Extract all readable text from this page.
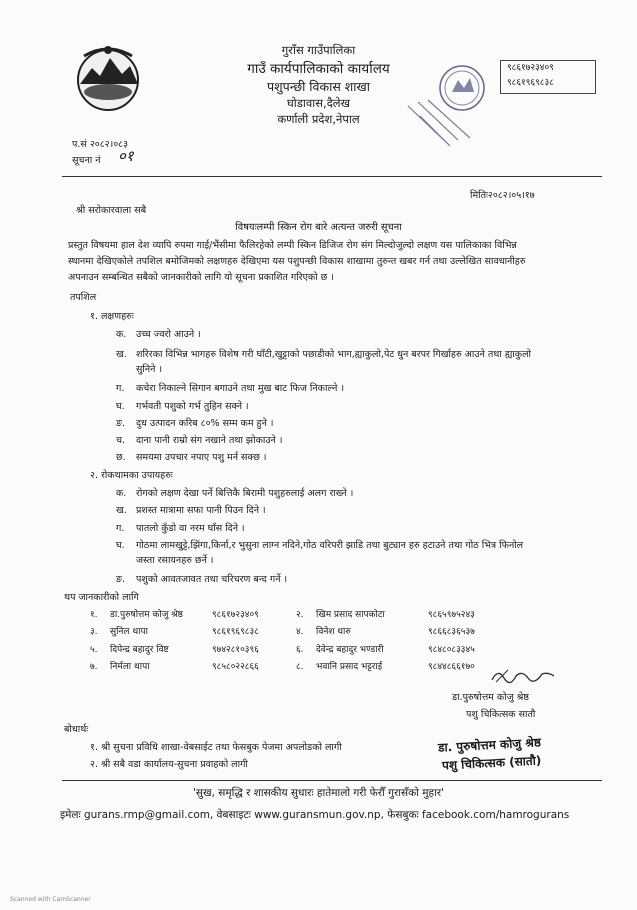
गुराँस गाउँपालिका
गाउँ कार्यपालिकाको कार्यालय
पशुपन्छी विकास शाखा
घोडावास,दैलेख
कर्णाली प्रदेश,नेपाल
९८६१७२३४०९
९८६१९६९८३८
प.सं २०८२।०८३
सूचना नं ०१
मितिः२०८२।०५।१७
श्री सरोकारवाला सबै
विषयःलम्पी स्किन रोग बारे अत्यन्त जरुरी सूचना
प्रस्तुत विषयमा हाल देश व्यापि रुपमा गाई/भैंसीमा फैलिरहेको लम्पी स्किन डिजिज रोग संग मिल्दोजुल्दो लक्षण यस पालिकाका विभिन्न
स्थानमा देखिएकोले तपशिल बमोजिमको लक्षणहरु देखिएमा यस पशुपन्छी विकास शाखामा तुरुन्त खबर गर्न तथा उल्लेखित सावधानीहरु
अपनाउन सम्बन्धित सबैको जानकारीको लागि यो सूचना प्रकाशित गरिएको छ ।
तपशिल
१. लक्षणहरुः
क. उच्च ज्वरो आउने ।
ख. शरिरका विभिन्न भागहरु विशेष गरी घाँटी,खुट्टाको पछाडीको भाग,ह्याकुलो,पेट धुन बरपर गिर्खाहरु आउने तथा ह्याकुलो
सुनिने ।
ग. कचेरा निकाल्ने सिगान बगाउने तथा मुख बाट फिज निकाल्ने ।
घ. गर्भवती पशुको गर्भ तुहिन सक्ने ।
ङ. दुध उत्पादन करिब ८०% सम्म कम हुने ।
च. दाना पानी राम्रो संग नखाने तथा झोकाउने ।
छ. समयमा उपचार नपाए पशु मर्न सक्छ ।
२. रोकथामका उपायहरुः
क. रोगको लक्षण देखा पर्ने बित्तिकै बिरामी पशुहरुलाई अलग राख्ने ।
ख. प्रशस्त मात्रामा सफा पानी पिउन दिने ।
ग. पातलो कुँडो वा नरम घाँस दिने ।
घ. गोठमा लामखुट्टे,झिंगा,किर्ना,र भुसुना लाग्न नदिने,गोठ वरिपरी झाडि तथा बुट्यान हरु हटाउने तथा गोठ भित्र फिनोल
जस्ता रसायनहरु छर्ने ।
ङ. पशुको आवतजावत तथा चरिचरण बन्द गर्ने ।
थप जानकारीको लागि
१. डा.पुरुषोत्तम कोजु श्रेष्ठ	९८६१७२३४०९	२. खिम प्रसाद सापकोटा	९८६५९७५२४३
३. सुनिल थापा	९८६१९६९८३८	४. विनेश थारु	९८६६८३६५३७
५. दिपेन्द्र बहादुर विष्ट	९७४२८१०३९६	६. देवेन्द्र बहादुर भण्डारी	९८४८०८३३४५
७. निर्मला थापा	९८५८०२२८६६	८. भवानि प्रसाद भट्टराई	९८४४८६६१७०
डा.पुरुषोत्तम कोजु श्रेष्ठ
पशु चिकित्सक सातौ
बोधार्थः
१. श्री सुचना प्रविधि शाखा-वेबसाईट तथा फेसबुक पेजमा अपलोडको लागी
२. श्री सबै वडा कार्यालय-सुचना प्रवाहको लागी
डा. पुरुषोत्तम कोजु श्रेष्ठ
पशु चिकित्सक (सातौ)
'सुख, समृद्धि र शासकीय सुधारः हातेमालो गरी फेरौँ गुरासँको मुहार'
इमेलः gurans.rmp@gmail.com, वेबसाइटः www.guransmun.gov.np, फेसबुकः facebook.com/hamrogurans
Scanned with CamScanner
